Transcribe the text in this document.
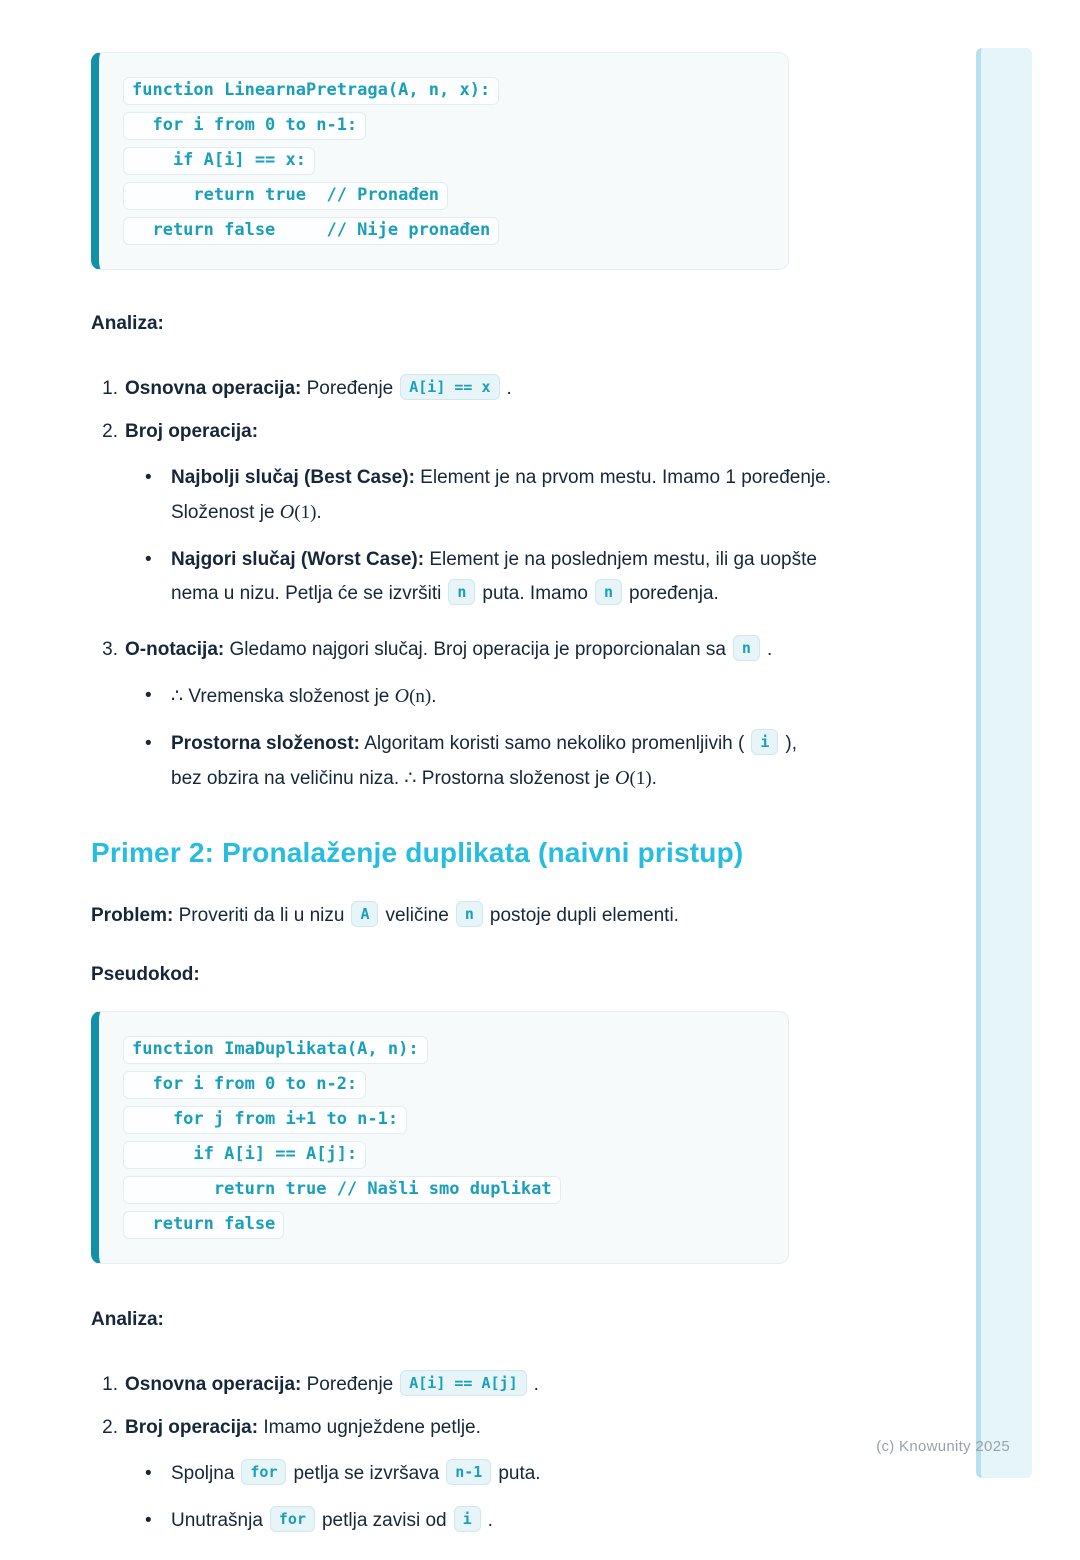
function LinearnaPretraga(A, n, x):
for i from 0 to n-1:
if A[i] == x:
return true  // Pronađen
return false     // Nije pronađen

Analiza:

1. Osnovna operacija: Poređenje A[i] == x .
2. Broj operacija:
• Najbolji slučaj (Best Case): Element je na prvom mestu. Imamo 1 poređenje. Složenost je O(1).
• Najgori slučaj (Worst Case): Element je na poslednjem mestu, ili ga uopšte nema u nizu. Petlja će se izvršiti n puta. Imamo n poređenja.
3. O-notacija: Gledamo najgori slučaj. Broj operacija je proporcionalan sa n .
• ∴ Vremenska složenost je O(n).
• Prostorna složenost: Algoritam koristi samo nekoliko promenljivih ( i ), bez obzira na veličinu niza. ∴ Prostorna složenost je O(1).
Primer 2: Pronalaženje duplikata (naivni pristup)

Problem: Proveriti da li u nizu A veličine n postoje dupli elementi.

Pseudokod:

function ImaDuplikata(A, n):
for i from 0 to n-2:
for j from i+1 to n-1:
if A[i] == A[j]:
return true // Našli smo duplikat
return false

Analiza:

1. Osnovna operacija: Poređenje A[i] == A[j] .
2. Broj operacija: Imamo ugnježdene petlje.
• Spoljna for petlja se izvršava n-1 puta.
• Unutrašnja for petlja zavisi od i .
(c) Knowunity 2025
